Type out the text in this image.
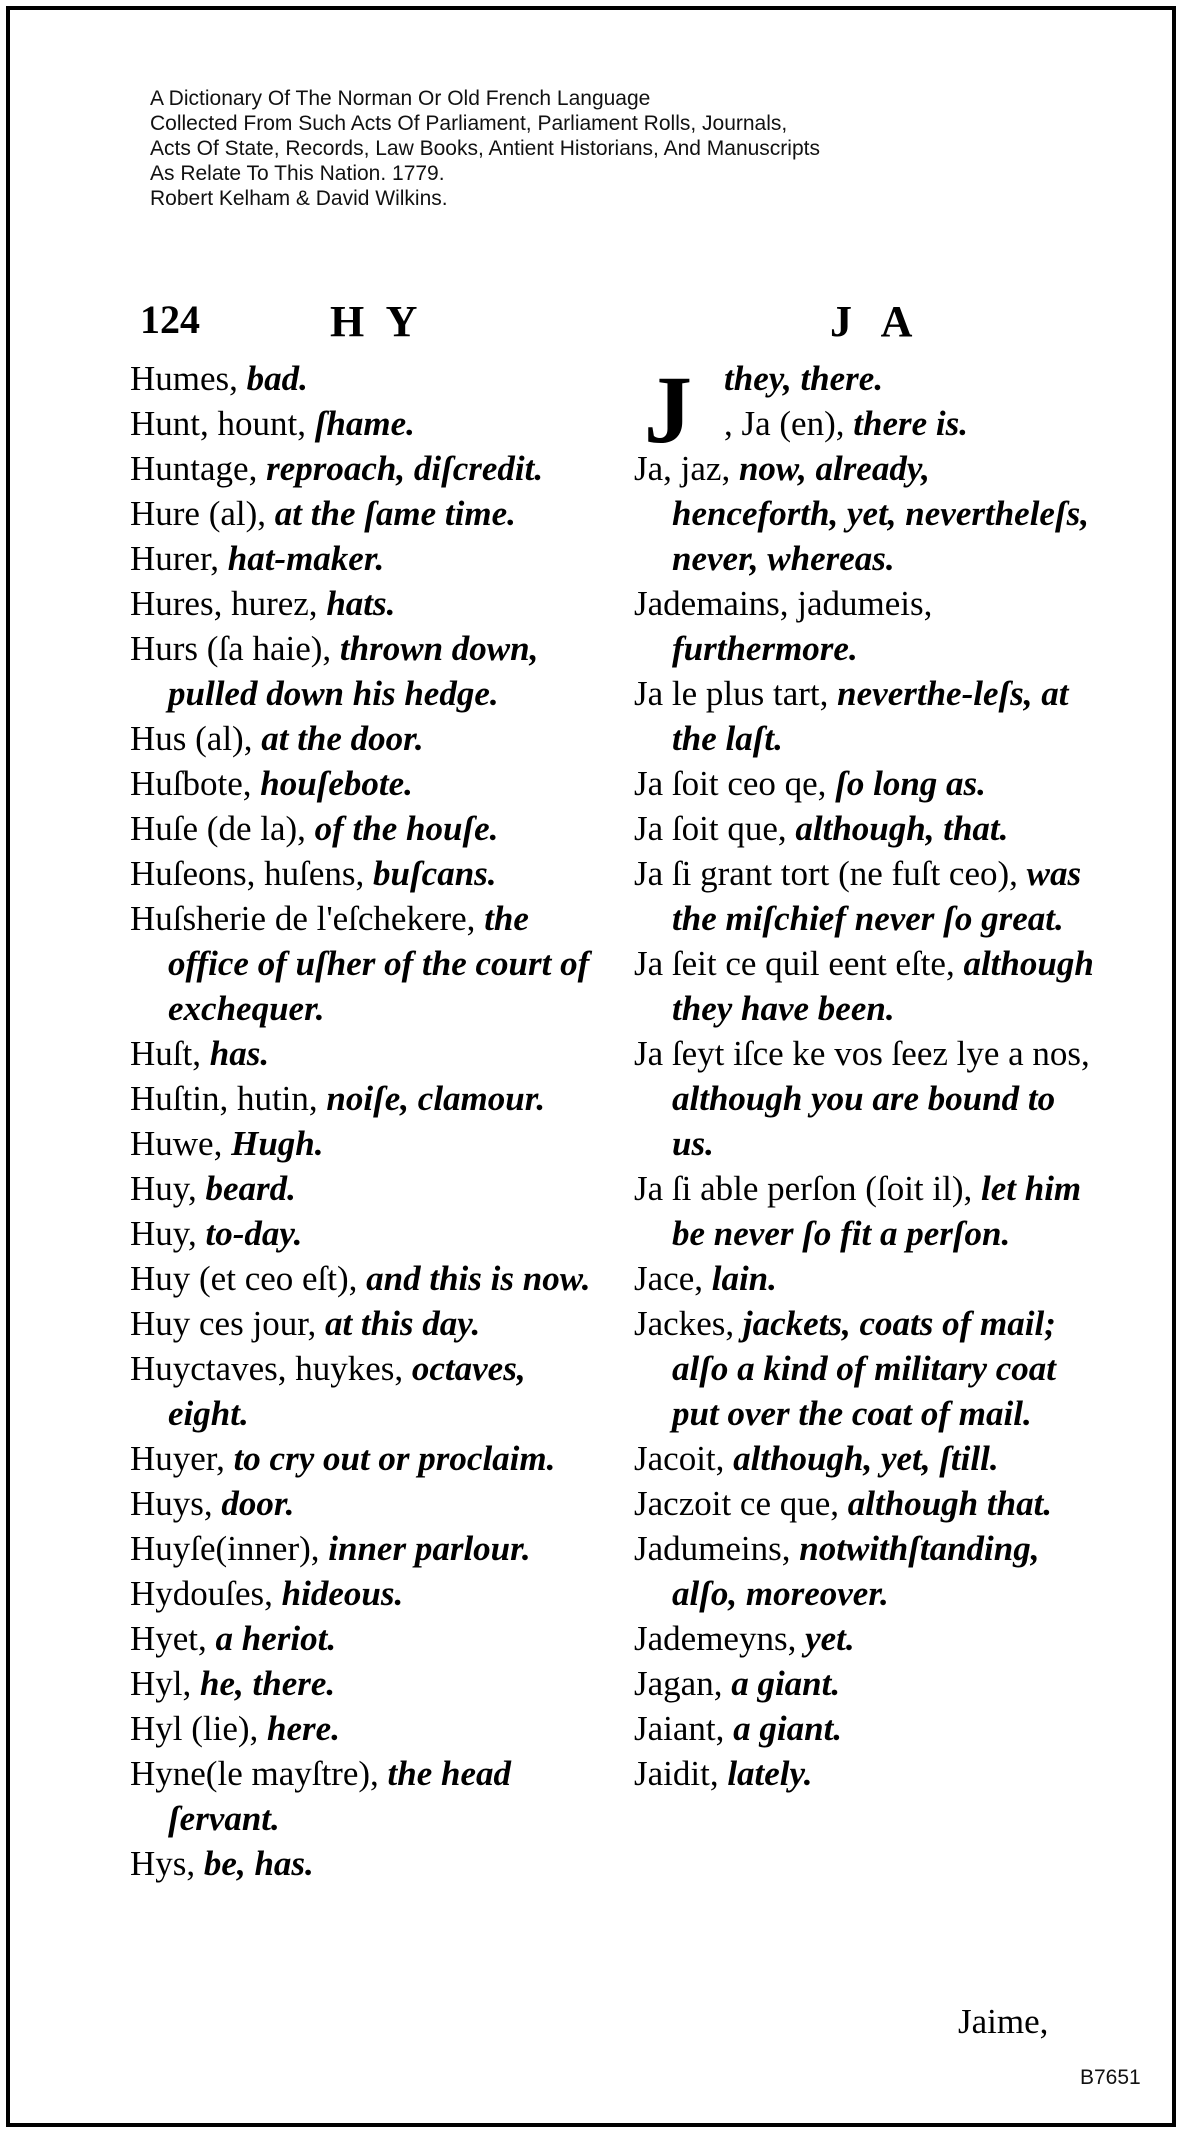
A Dictionary Of The Norman Or Old French Language
Collected From Such Acts Of Parliament, Parliament Rolls, Journals,
Acts Of State, Records, Law Books, Antient Historians, And Manuscripts
As Relate To This Nation. 1779.
Robert Kelham & David Wilkins.
124	H Y	J A

Humes, bad.

Hunt, hount, ſhame.

Huntage, reproach, diſcredit.

Hure (al), at the ſame time.

Hurer, hat-maker.

Hures, hurez, hats.

Hurs (ſa haie), thrown down, pulled down his hedge.

Hus (al), at the door.

Huſbote, houſebote.

Huſe (de la), of the houſe.

Huſeons, huſens, buſcans.

Huſsherie de l'eſchekere, the office of uſher of the court of exchequer.

Huſt, has.

Huſtin, hutin, noiſe, clamour.

Huwe, Hugh.

Huy, beard.

Huy, to-day.

Huy (et ceo eſt), and this is now.

Huy ces jour, at this day.

Huyctaves, huykes, octaves, eight.

Huyer, to cry out or proclaim.

Huys, door.

Huyſe(inner), inner parlour.

Hydouſes, hideous.

Hyet, a heriot.

Hyl, he, there.

Hyl (lie), here.

Hyne(le mayſtre), the head ſervant.

Hys, be, has.

J they, there.

, Ja (en), there is.

Ja, jaz, now, already, henceforth, yet, nevertheleſs, never, whereas.

Jademains, jadumeis, furthermore.

Ja le plus tart, neverthe-leſs, at the laſt.

Ja ſoit ceo qe, ſo long as.

Ja ſoit que, although, that.

Ja ſi grant tort (ne fuſt ceo), was the miſchief never ſo great.

Ja ſeit ce quil eent eſte, although they have been.

Ja ſeyt iſce ke vos ſeez lye a nos, although you are bound to us.

Ja ſi able perſon (ſoit il), let him be never ſo fit a perſon.

Jace, lain.

Jackes, jackets, coats of mail; alſo a kind of military coat put over the coat of mail.

Jacoit, although, yet, ſtill.

Jaczoit ce que, although that.

Jadumeins, notwithſtanding, alſo, moreover.

Jademeyns, yet.

Jagan, a giant.

Jaiant, a giant.

Jaidit, lately.

Jaime,
B7651
